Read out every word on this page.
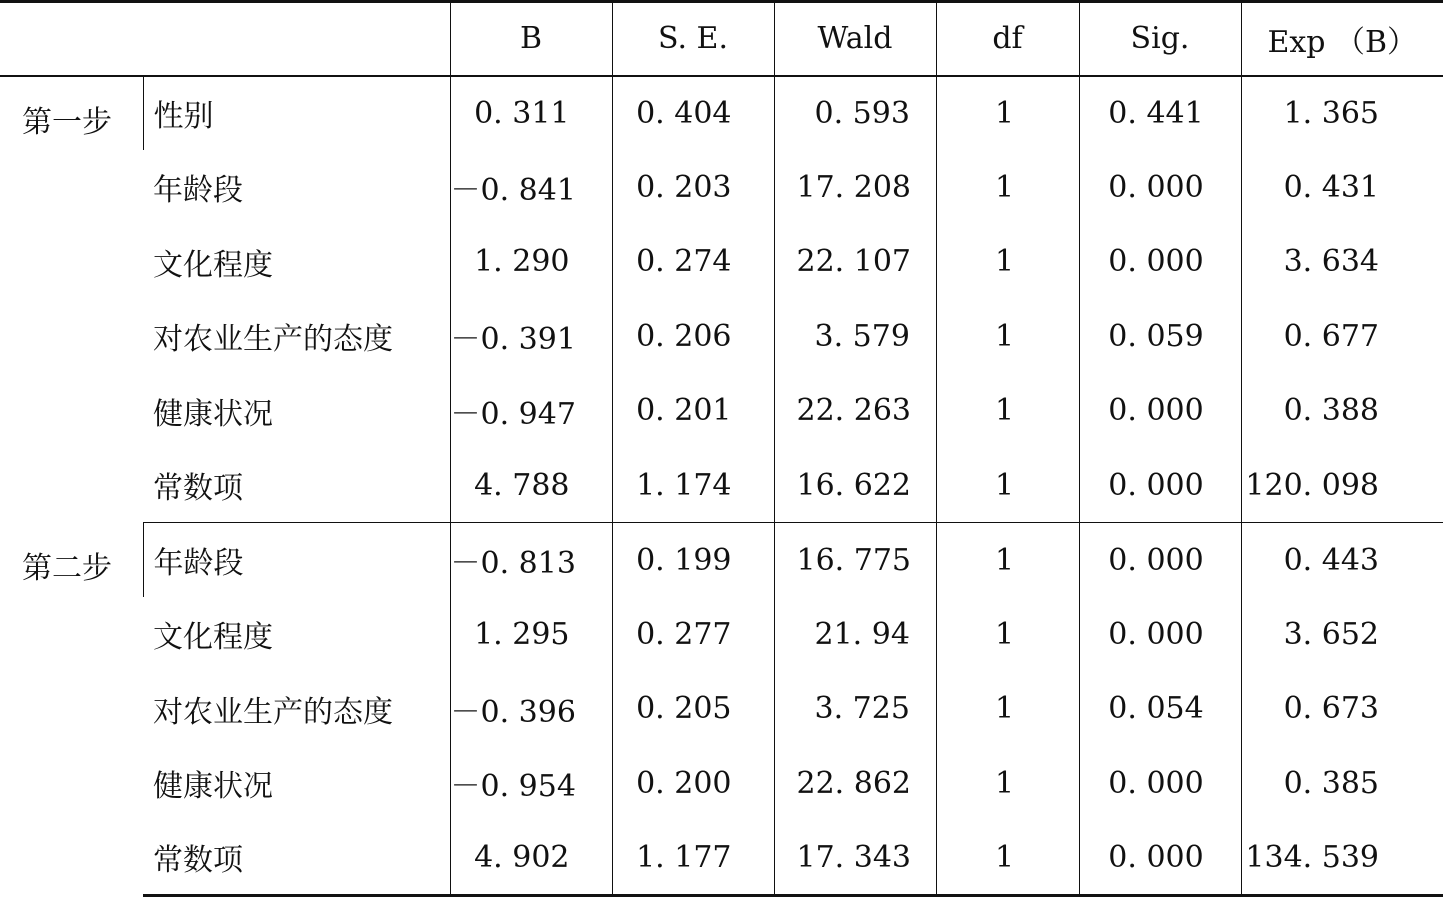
		B	S. E.	Wald	df	Sig.	Exp （B）
第一步	性别	0. 311	0. 404	0. 593	1	0. 441	1. 365
	年龄段	－0. 841	0. 203	17. 208	1	0. 000	0. 431
	文化程度	1. 290	0. 274	22. 107	1	0. 000	3. 634
	对农业生产的态度	－0. 391	0. 206	3. 579	1	0. 059	0. 677
	健康状况	－0. 947	0. 201	22. 263	1	0. 000	0. 388
	常数项	4. 788	1. 174	16. 622	1	0. 000	120. 098
第二步	年龄段	－0. 813	0. 199	16. 775	1	0. 000	0. 443
	文化程度	1. 295	0. 277	21. 94	1	0. 000	3. 652
	对农业生产的态度	－0. 396	0. 205	3. 725	1	0. 054	0. 673
	健康状况	－0. 954	0. 200	22. 862	1	0. 000	0. 385
	常数项	4. 902	1. 177	17. 343	1	0. 000	134. 539
